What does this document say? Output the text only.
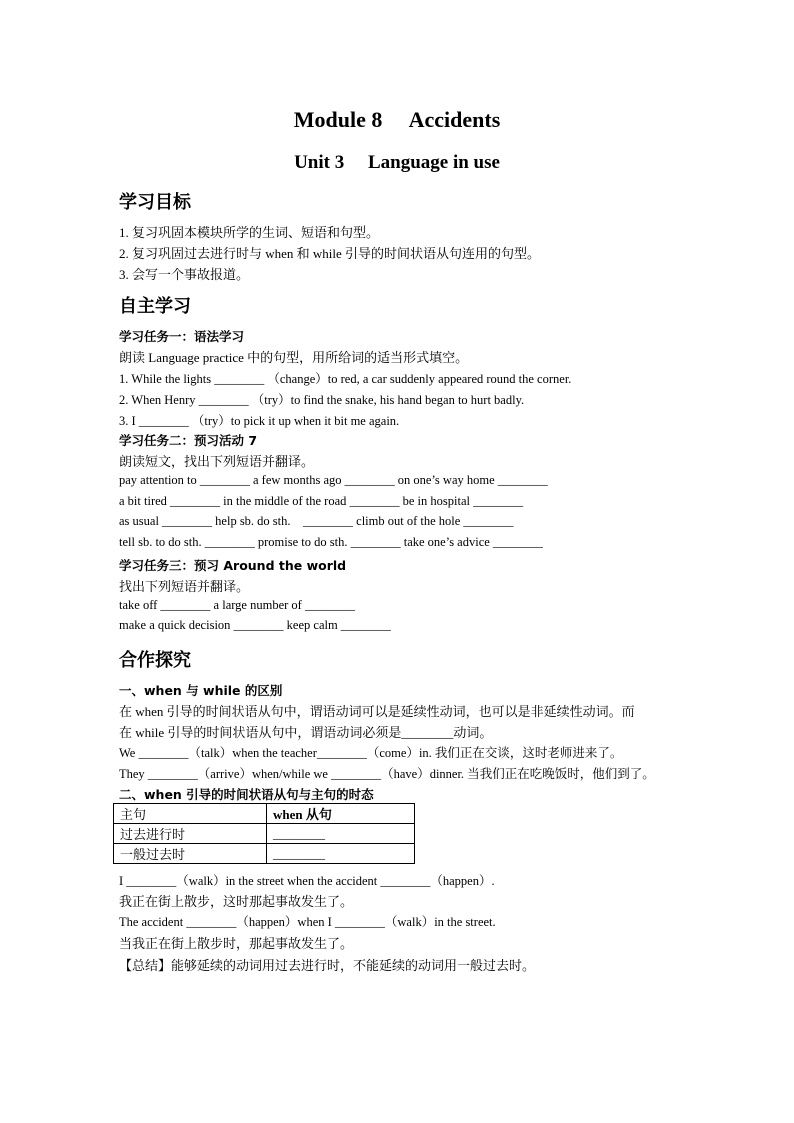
Module 8　 Accidents
Unit 3　 Language in use
学习目标
1. 复习巩固本模块所学的生词、短语和句型。
2. 复习巩固过去进行时与 when 和 while 引导的时间状语从句连用的句型。
3. 会写一个事故报道。
自主学习
学习任务一：语法学习
朗读 Language practice 中的句型，用所给词的适当形式填空。
1. While the lights ________ （change）to red, a car suddenly appeared round the corner.
2. When Henry ________ （try）to find the snake, his hand began to hurt badly.
3. I ________ （try）to pick it up when it bit me again.
学习任务二：预习活动 7
朗读短文，找出下列短语并翻译。
pay attention to ________ a few months ago ________ on one’s way home ________
a bit tired ________ in the middle of the road ________ be in hospital ________
as usual ________ help sb. do sth.    ________ climb out of the hole ________
tell sb. to do sth. ________ promise to do sth. ________ take one’s advice ________
学习任务三：预习 Around the world
找出下列短语并翻译。
take off ________ a large number of ________
make a quick decision ________ keep calm ________
合作探究
一、when 与 while 的区别
在 when 引导的时间状语从句中，谓语动词可以是延续性动词，也可以是非延续性动词。而
在 while 引导的时间状语从句中，谓语动词必须是________动词。
We ________（talk）when the teacher________（come）in. 我们正在交谈，这时老师进来了。
They ________（arrive）when/while we ________（have）dinner. 当我们正在吃晚饭时，他们到了。
二、when 引导的时间状语从句与主句的时态
主句	when 从句
过去进行时	________
一般过去时	________
I ________（walk）in the street when the accident ________（happen）.
我正在街上散步，这时那起事故发生了。
The accident ________（happen）when I ________（walk）in the street.
当我正在街上散步时，那起事故发生了。
【总结】能够延续的动词用过去进行时，不能延续的动词用一般过去时。
